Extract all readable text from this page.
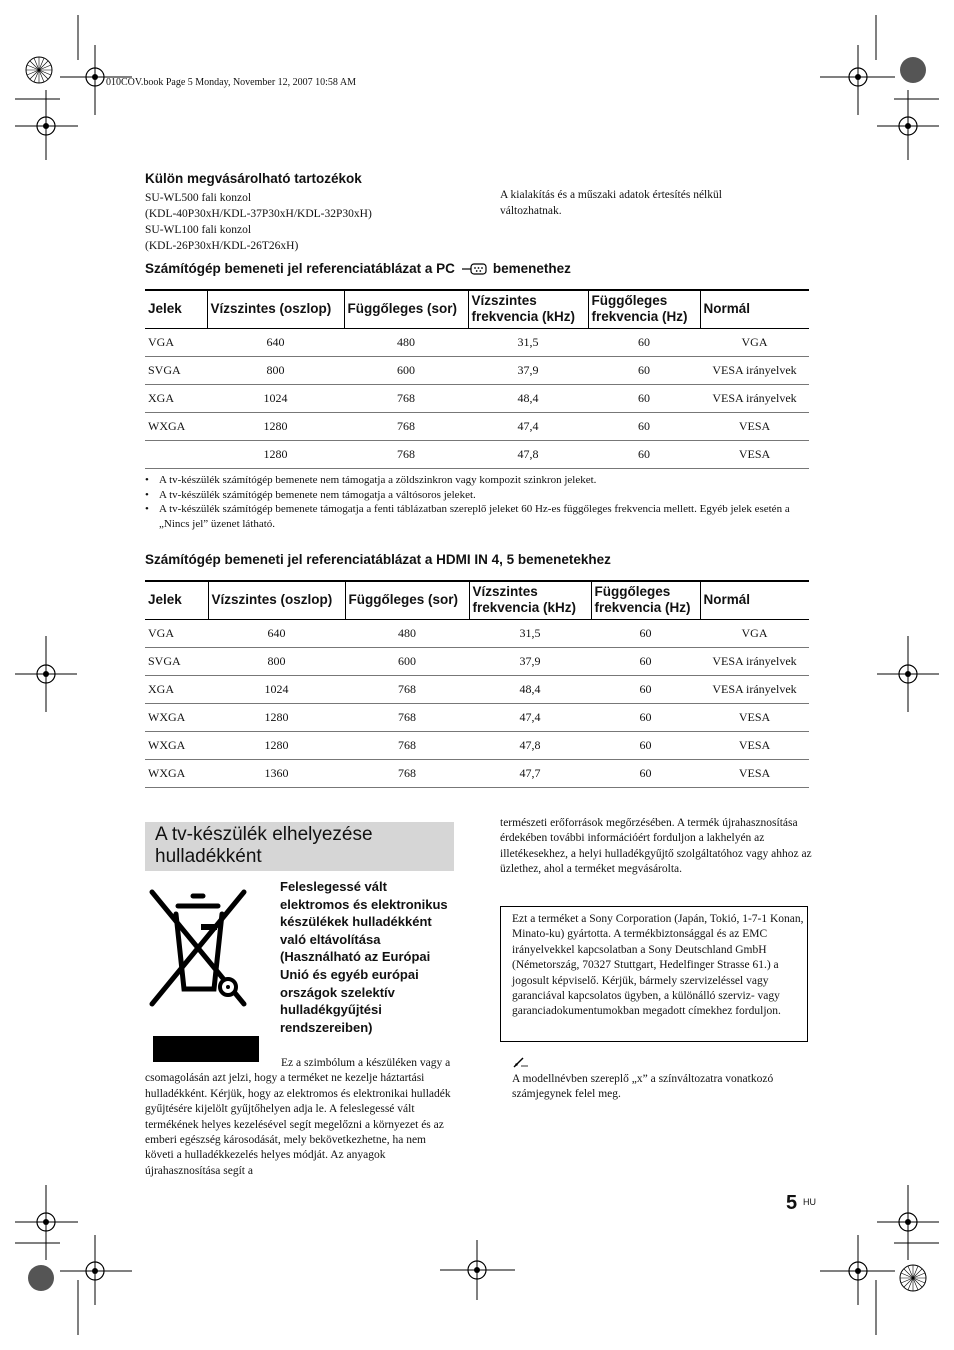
010COV.book Page 5 Monday, November 12, 2007 10:58 AM
Külön megvásárolható tartozékok
SU-WL500 fali konzol
(KDL-40P30xH/KDL-37P30xH/KDL-32P30xH)
SU-WL100 fali konzol
(KDL-26P30xH/KDL-26T26xH)
A kialakítás és a műszaki adatok értesítés nélkül
változhatnak.
Számítógép bemeneti jel referenciatáblázat a PC	bemenethez
Jelek	Vízszintes (oszlop)	Függőleges (sor)	Vízszintes frekvencia (kHz)	Függőleges frekvencia (Hz)	Normál
VGA	640	480	31,5	60	VGA
SVGA	800	600	37,9	60	VESA irányelvek
XGA	1024	768	48,4	60	VESA irányelvek
WXGA	1280	768	47,4	60	VESA
	1280	768	47,8	60	VESA
• A tv-készülék számítógép bemenete nem támogatja a zöldszinkron vagy kompozit szinkron jeleket.
• A tv-készülék számítógép bemenete nem támogatja a váltósoros jeleket.
• A tv-készülék számítógép bemenete támogatja a fenti táblázatban szereplő jeleket 60 Hz-es függőleges frekvencia mellett. Egyéb jelek esetén a „Nincs jel” üzenet látható.
Számítógép bemeneti jel referenciatáblázat a HDMI IN 4, 5 bemenetekhez
Jelek	Vízszintes (oszlop)	Függőleges (sor)	Vízszintes frekvencia (kHz)	Függőleges frekvencia (Hz)	Normál
VGA	640	480	31,5	60	VGA
SVGA	800	600	37,9	60	VESA irányelvek
XGA	1024	768	48,4	60	VESA irányelvek
WXGA	1280	768	47,4	60	VESA
WXGA	1280	768	47,8	60	VESA
WXGA	1360	768	47,7	60	VESA
A tv-készülék elhelyezése hulladékként
Feleslegessé vált elektromos és elektronikus készülékek hulladékként való eltávolítása (Használható az Európai Unió és egyéb európai országok szelektív hulladékgyűjtési rendszereiben)
Ez a szimbólum a készüléken vagy a csomagolásán azt jelzi, hogy a terméket ne kezelje háztartási hulladékként. Kérjük, hogy az elektromos és elektronikai hulladék gyűjtésére kijelölt gyűjtőhelyen adja le. A feleslegessé vált termékének helyes kezelésével segít megelőzni a környezet és az emberi egészség károsodását, mely bekövetkezhetne, ha nem követi a hulladékkezelés helyes módját. Az anyagok újrahasznosítása segít a
természeti erőforrások megőrzésében. A termék újrahasznosítása érdekében további információért forduljon a lakhelyén az illetékesekhez, a helyi hulladékgyűjtő szolgáltatóhoz vagy ahhoz az üzlethez, ahol a terméket megvásárolta.
Ezt a terméket a Sony Corporation (Japán, Tokió, 1-7-1 Konan, Minato-ku) gyártotta. A termékbiztonsággal és az EMC irányelvekkel kapcsolatban a Sony Deutschland GmbH (Németország, 70327 Stuttgart, Hedelfinger Strasse 61.) a jogosult képviselő. Kérjük, bármely szervizeléssel vagy garanciával kapcsolatos ügyben, a különálló szerviz- vagy garanciadokumentumokban megadott címekhez forduljon.
A modellnévben szereplő „x” a színváltozatra vonatkozó számjegynek felel meg.
5 HU
